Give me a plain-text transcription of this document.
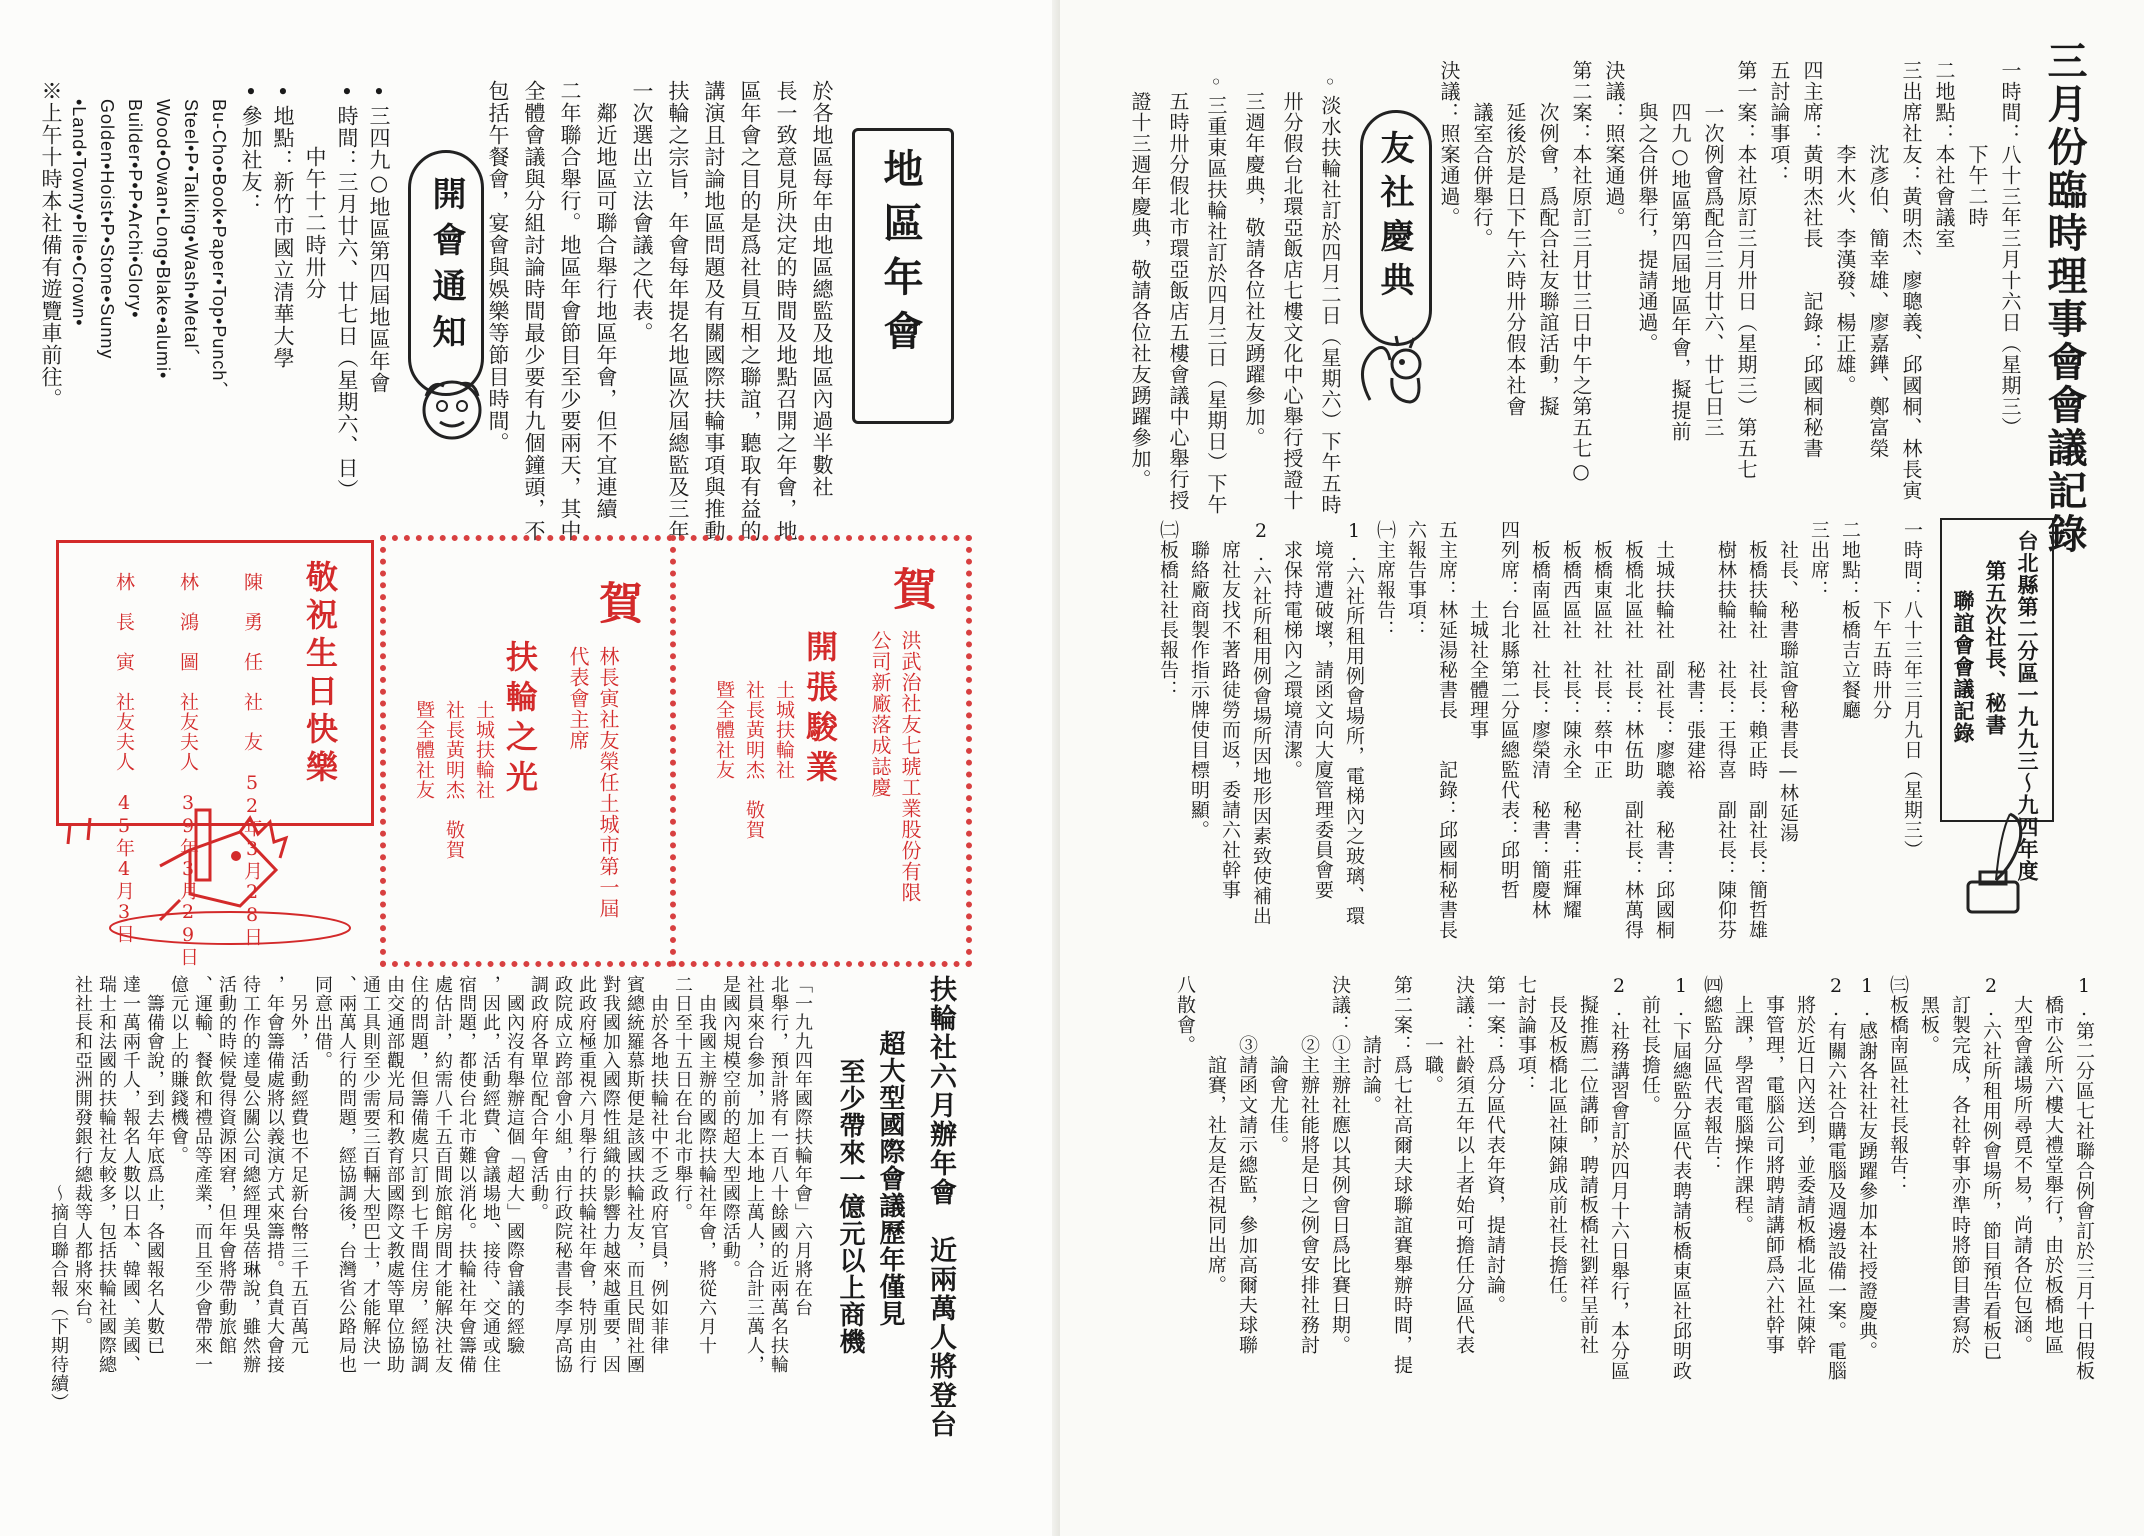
地區年會
於各地區每年由地區總監及地區內過半數社
長一致意見所決定的時間及地點召開之年會，地
區年會之目的是爲社員互相之聯誼，聽取有益的
講演且討論地區問題及有關國際扶輪事項與推動
扶輪之宗旨，年會每年提名地區次屆總監及三年
一次選出立法會議之代表。
　鄰近地區可聯合舉行地區年會，但不宜連續
二年聯合舉行。地區年會節目至少要兩天，其中
全體會議與分組討論時間最少要有九個鐘頭，不
包括午餐會，宴會與娛樂等節目時間。
開會通知
•三四九○地區第四屆地區年會
•時間：三月廿六、廿七日（星期六、日）
　　　中午十二時卅分
•地點：新竹市國立清華大學
•參加社友：
　Bu-Cho•Book•Paper•Top•Punch、
　Steel•P•Talking•Wash•Metal、
　Wood•Owan•Long•Blake•alumi•
　Builder•P•P•Archi•Glory•
　Golden•Hoist•P•Stone•Sunny
　•Land•Towny•Pile•Crown•
※上午十時本社備有遊覽車前往。
敬祝生日快樂
陳　勇　任　社　友　52年3月28日
林　鴻　圖　社友夫人　39年3月29日
林　長　寅　社友夫人　45年4月3日	賀
洪武治社友七琥工業股份有限
公司新廠落成誌慶
開張駿業
土城扶輪社
社長黃明杰　敬賀
暨全體社友
賀
林長寅社友榮任土城市第一屆
代表會主席
扶輪之光
土城扶輪社
社長黃明杰　敬賀
暨全體社友
扶輪社六月辦年會　近兩萬人將登台
超大型國際會議歷年僅見
至少帶來一億元以上商機
「一九九四年國際扶輪年會」六月將在台
北舉行，預計將有一百八十餘國的近兩萬名扶輪
社員來台參加，加上本地上萬人，合計三萬人，
是國內規模空前的超大型國際活動。
　由我國主辦的國際扶輪社年會，將從六月十
二日至十五日在台北市舉行。
　由於各地扶輪社中不乏政府官員，例如菲律
賓總統羅慕斯便是該國扶輪社友，而且民間社團
對我國加入國際性組織的影響力越來越重要，因
此政府極重視六月舉行的扶輪社年會，特別由行
政院成立跨部會小組，由行政院秘書長李厚高協
調政府各單位配合年會活動。
　國內沒有舉辦這個「超大」國際會議的經驗
，因此，活動經費、會議場地、接待、交通或住
宿問題，都使台北市難以消化。扶輪社年會籌備
處估計，約需八千五百間旅館房間才能解決社友
住的問題，但籌備處只訂到七千間住房，經協調
由交通部觀光局和教育部國際文教處等單位協助
通工具則至少需要三百輛大型巴士，才能解決一
、兩萬人行的問題，經協調後，台灣省公路局也
同意出借。
　另外，活動經費也不足新台幣三千五百萬元
，年會籌備處將以義演方式來籌措。負責大會接
待工作的達曼公關公司總經理吳蓓琳說，雖然辦
活動的時候覺得資源困窘，但年會將帶動旅館
、運輸、餐飲和禮品等產業，而且至少會帶來一
億元以上的賺錢機會。
　籌備會說，到去年底爲止，各國報名人數已
達一萬兩千人，報名人數以日本、韓國、美國、
瑞士和法國的扶輪社友較多，包括扶輪社國際總
社社長和亞洲開發銀行總裁等人都將來台。
　　　　　　　　　　　～摘自聯合報（下期待續）
三月份臨時理事會會議記錄
一時間：八十三年三月十六日（星期三）
　　　　下午二時
二地點：本社會議室
三出席社友：黃明杰、廖聰義、邱國桐、林長寅
　　　　沈彥伯、簡幸雄、廖嘉鏵、鄭富榮
　　　　李木火、李漢發、楊正雄。
四主席：黃明杰社長　　記錄：邱國桐秘書
五討論事項：
第一案：本社原訂三月卅日（星期三）第五七
　　一次例會爲配合三月廿六、廿七日三
　　四九○地區第四屆地區年會，擬提前
　　與之合併舉行，提請通過。
決議：照案通過。
第二案：本社原訂三月廿三日中午之第五七○
　　次例會，爲配合社友聯誼活動，擬
　　延後於是日下午六時卅分假本社會
　　議室合併舉行。
決議：照案通過。
友社慶典
◦淡水扶輪社訂於四月二日（星期六）下午五時
　卅分假台北環亞飯店七樓文化中心舉行授證十
　三週年慶典，敬請各位社友踴躍參加。
◦三重東區扶輪社訂於四月三日（星期日）下午
　五時卅分假北市環亞飯店五樓會議中心舉行授
　證十三週年慶典，敬請各位社友踴躍參加。
台北縣第二分區一九九三～九四年度
第五次社長、秘書
聯誼會會議記錄
一時間：八十三年三月九日（星期三）
　　　　下午五時卅分
二地點：板橋吉立餐廳
三出席：
　社長、秘書聯誼會秘書長—林延湯
　板橋扶輪社　社長：賴正時　副社長：簡哲雄
　樹林扶輪社　社長：王得喜　副社長：陳仰芬
　　　　　　　秘書：張建裕
　土城扶輪社　副社長：廖聰義　秘書：邱國桐
　板橋北區社　社長：林伍助　副社長：林萬得
　板橋東區社　社長：蔡中正
　板橋西區社　社長：陳永全　秘書：莊輝耀
　板橋南區社　社長：廖榮清　秘書：簡慶林
四列席：台北縣第二分區總監代表：邱明哲
　　　　土城社全體理事
五主席：林延湯秘書長　　記錄：邱國桐秘書長
六報告事項：
㈠主席報告：
1.六社所租用例會場所，電梯內之玻璃、環
　境常遭破壞，請函文向大廈管理委員會要
　求保持電梯內之環境清潔。
2.六社所租用例會場所因地形因素致使補出
　席社友找不著路徒勞而返，委請六社幹事
　聯絡廠商製作指示牌使目標明顯。
㈡板橋社社長報告：
1.第二分區七社聯合例會訂於三月十日假板
　橋市公所六樓大禮堂舉行，由於板橋地區
　大型會議場所尋覓不易，尚請各位包涵。
2.六社所租用例會場所，節目預告看板已
　訂製完成，各社幹事亦準時將節目書寫於
　黑板。
㈢板橋南區社社長報告：
1.感謝各社社友踴躍參加本社授證慶典。
2.有關六社合購電腦及週邊設備一案。電腦
　將於近日內送到，並委請板橋北區社陳幹
　事管理，電腦公司將聘請講師爲六社幹事
　上課，學習電腦操作課程。
㈣總監分區代表報告：
1.下屆總監分區代表聘請板橋東區社邱明政
　前社長擔任。
2.社務講習會訂於四月十六日舉行，本分區
　擬推薦二位講師，聘請板橋社劉祥呈前社
　長及板橋北區社陳錦成前社長擔任。
七討論事項：
第一案：爲分區代表年資，提請討論。
決議：社齡須五年以上者始可擔任分區代表
　　　一職。
第二案：爲七社高爾夫球聯誼賽舉辦時間，提
　　　請討論。
決議：①主辦社應以其例會日爲比賽日期。
　　　②主辦社能將是日之例會安排社務討
　　　　論會尤佳。
　　　③請函文請示總監，參加高爾夫球聯
　　　　誼賽，社友是否視同出席。
八散會。
